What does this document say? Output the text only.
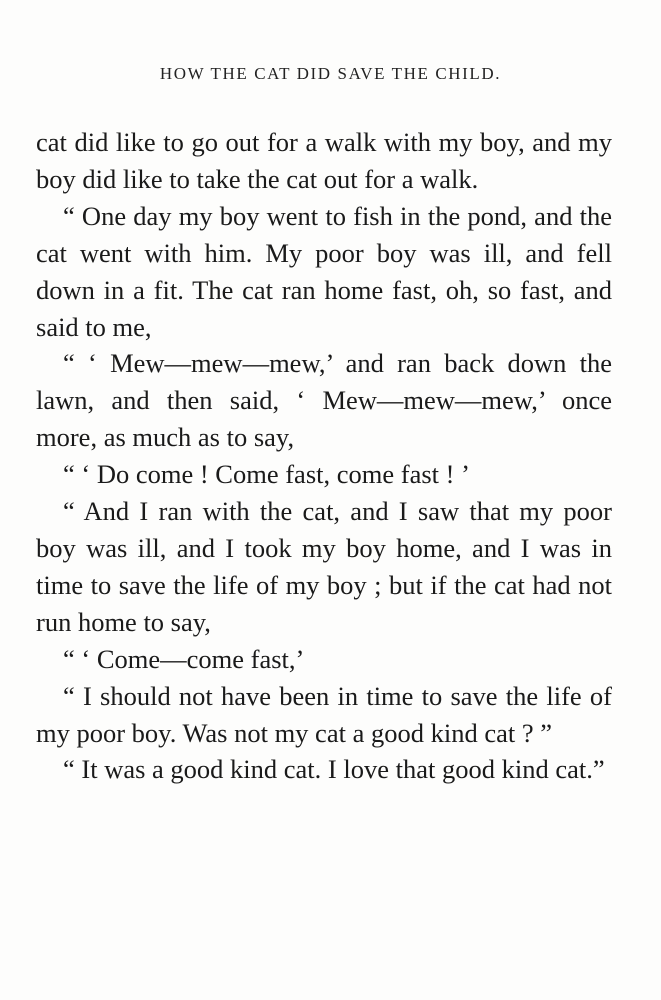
HOW THE CAT DID SAVE THE CHILD.

cat did like to go out for a walk with my boy, and my boy did like to take the cat out for a walk.

“ One day my boy went to fish in the pond, and the cat went with him. My poor boy was ill, and fell down in a fit. The cat ran home fast, oh, so fast, and said to me,

“ ‘ Mew—mew—mew,’ and ran back down the lawn, and then said, ‘ Mew—mew—mew,’ once more, as much as to say,

“ ‘ Do come ! Come fast, come fast ! ’

“ And I ran with the cat, and I saw that my poor boy was ill, and I took my boy home, and I was in time to save the life of my boy ; but if the cat had not run home to say,

“ ‘ Come—come fast,’

“ I should not have been in time to save the life of my poor boy. Was not my cat a good kind cat ? ”

“ It was a good kind cat. I love that good kind cat.”
